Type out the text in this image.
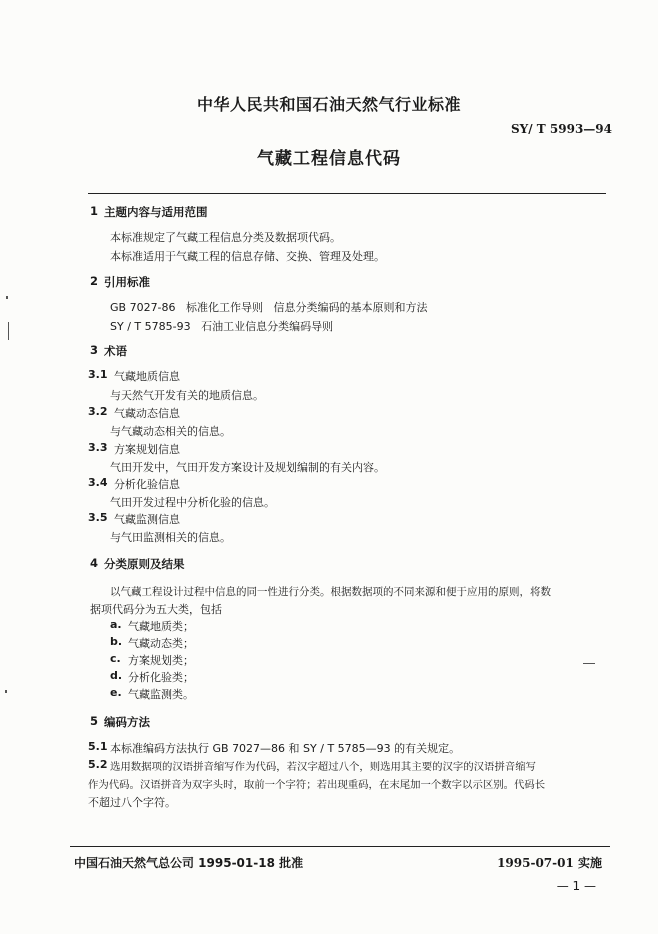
中华人民共和国石油天然气行业标准
SY/ T 5993—94
气藏工程信息代码
1 主题内容与适用范围
本标准规定了气藏工程信息分类及数据项代码。
本标准适用于气藏工程的信息存储、交换、管理及处理。
2 引用标准
GB 7027-86   标准化工作导则   信息分类编码的基本原则和方法
SY / T 5785-93   石油工业信息分类编码导则
3 术语
3.1 气藏地质信息
与天然气开发有关的地质信息。
3.2 气藏动态信息
与气藏动态相关的信息。
3.3 方案规划信息
气田开发中，气田开发方案设计及规划编制的有关内容。
3.4 分析化验信息
气田开发过程中分析化验的信息。
3.5 气藏监测信息
与气田监测相关的信息。
4 分类原则及结果
以气藏工程设计过程中信息的同一性进行分类。根据数据项的不同来源和便于应用的原则，将数
据项代码分为五大类，包括
a. 气藏地质类；
b. 气藏动态类；
c. 方案规划类；
d. 分析化验类；
e. 气藏监测类。
5 编码方法
5.1 本标准编码方法执行 GB 7027—86 和 SY / T 5785—93 的有关规定。
5.2 选用数据项的汉语拼音缩写作为代码，若汉字超过八个，则选用其主要的汉字的汉语拼音缩写
作为代码。汉语拼音为双字头时，取前一个字符；若出现重码，在末尾加一个数字以示区别。代码长
不超过八个字符。
中国石油天然气总公司 1995-01-18 批准	1995-07-01 实施
— 1 —
